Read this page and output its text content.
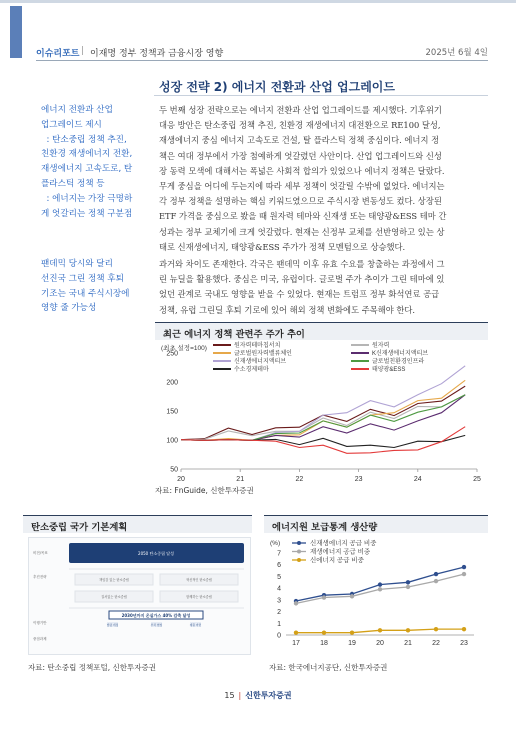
이슈리포트 | 이재명 정부 정책과 금융시장 영향	2025년 6월 4일
성장 전략 2) 에너지 전환과 산업 업그레이드

에너지 전환과 산업

업그레이드 제시

: 탄소중립 정책 추진,

친환경 재생에너지 전환,

재생에너지 고속도로, 탄

플라스틱 정책 등

: 에너지는 가장 극명하

게 엇갈리는 정책 구분점

팬데믹 당시와 달리

선진국 그린 정책 후퇴

기조는 국내 주식시장에

영향 줄 가능성

두 번째 성장 전략으로는 에너지 전환과 산업 업그레이드를 제시했다. 기후위기
대응 방안은 탄소중립 정책 추진, 친환경 재생에너지 대전환으로 RE100 달성,
재생에너지 중심 에너지 고속도로 건설, 탈 플라스틱 정책 중심이다. 에너지 정
책은 여대 정부에서 가장 첨예하게 엇갈렸던 사안이다. 산업 업그레이드와 신성
장 동력 모색에 대해서는 폭넓은 사회적 합의가 있었으나 에너지 정책은 달랐다.
무게 중심을 어디에 두는지에 따라 세부 정책이 엇갈릴 수밖에 없었다. 에너지는
각 정부 정책을 설명하는 핵심 키워드였으므로 주식시장 변동성도 컸다. 상장된
ETF 가격을 중심으로 봤을 때 원자력 테마와 신재생 또는 태양광&ESS 테마 간
성과는 정부 교체기에 크게 엇갈렸다. 현재는 신정부 교체를 선반영하고 있는 상
태로 신재생에너지, 태양광&ESS 주가가 정책 모멘텀으로 상승했다.
과거와 차이도 존재한다. 각국은 팬데믹 이후 유효 수요를 창출하는 과정에서 그
린 뉴딜을 활용했다. 중심은 미국, 유럽이다. 글로벌 주가 추이가 그린 테마에 있
었던 관계로 국내도 영향을 받을 수 있었다. 현재는 트럼프 정부 화석연료 공급
정책, 유럽 그린딜 후퇴 기로에 있어 해외 정책 변화에도 주목해야 한다.
최근 에너지 정책 관련주 주가 추이
(최초 설정=100)
50
100
150
200
250
20	21	22	23	24	25
원자력테마칩서치	원자력
글로벌원자력밸류체인	K신재생에너지액티브
신재생에너지액티브	글로벌친환경인프라
수소경제테마	태양광&ESS
자료: FnGuide, 신한투자증권
탄소중립 국가 기본계획
비전/목표
추진전략
이행기반
중점과제
2050 탄소중립 달성
책임감 있는 탄소중립	혁신적인 탄소중립
질서있는 탄소중립	함께하는 탄소중립
2030년까지 온실가스 40% 감축 달성
법령 개정	부처 협업	재원 마련
자료: 탄소중립 정책포털, 신한투자증권
에너지원 보급통계 생산량
(%)
0
1
2
3
4
5
6
7
17	18	19	20	21	22	23
신재생에너지 공급 비중
재생에너지 공급 비중
신에너지 공급 비중
자료: 한국에너지공단, 신한투자증권
15 | 신한투자증권
